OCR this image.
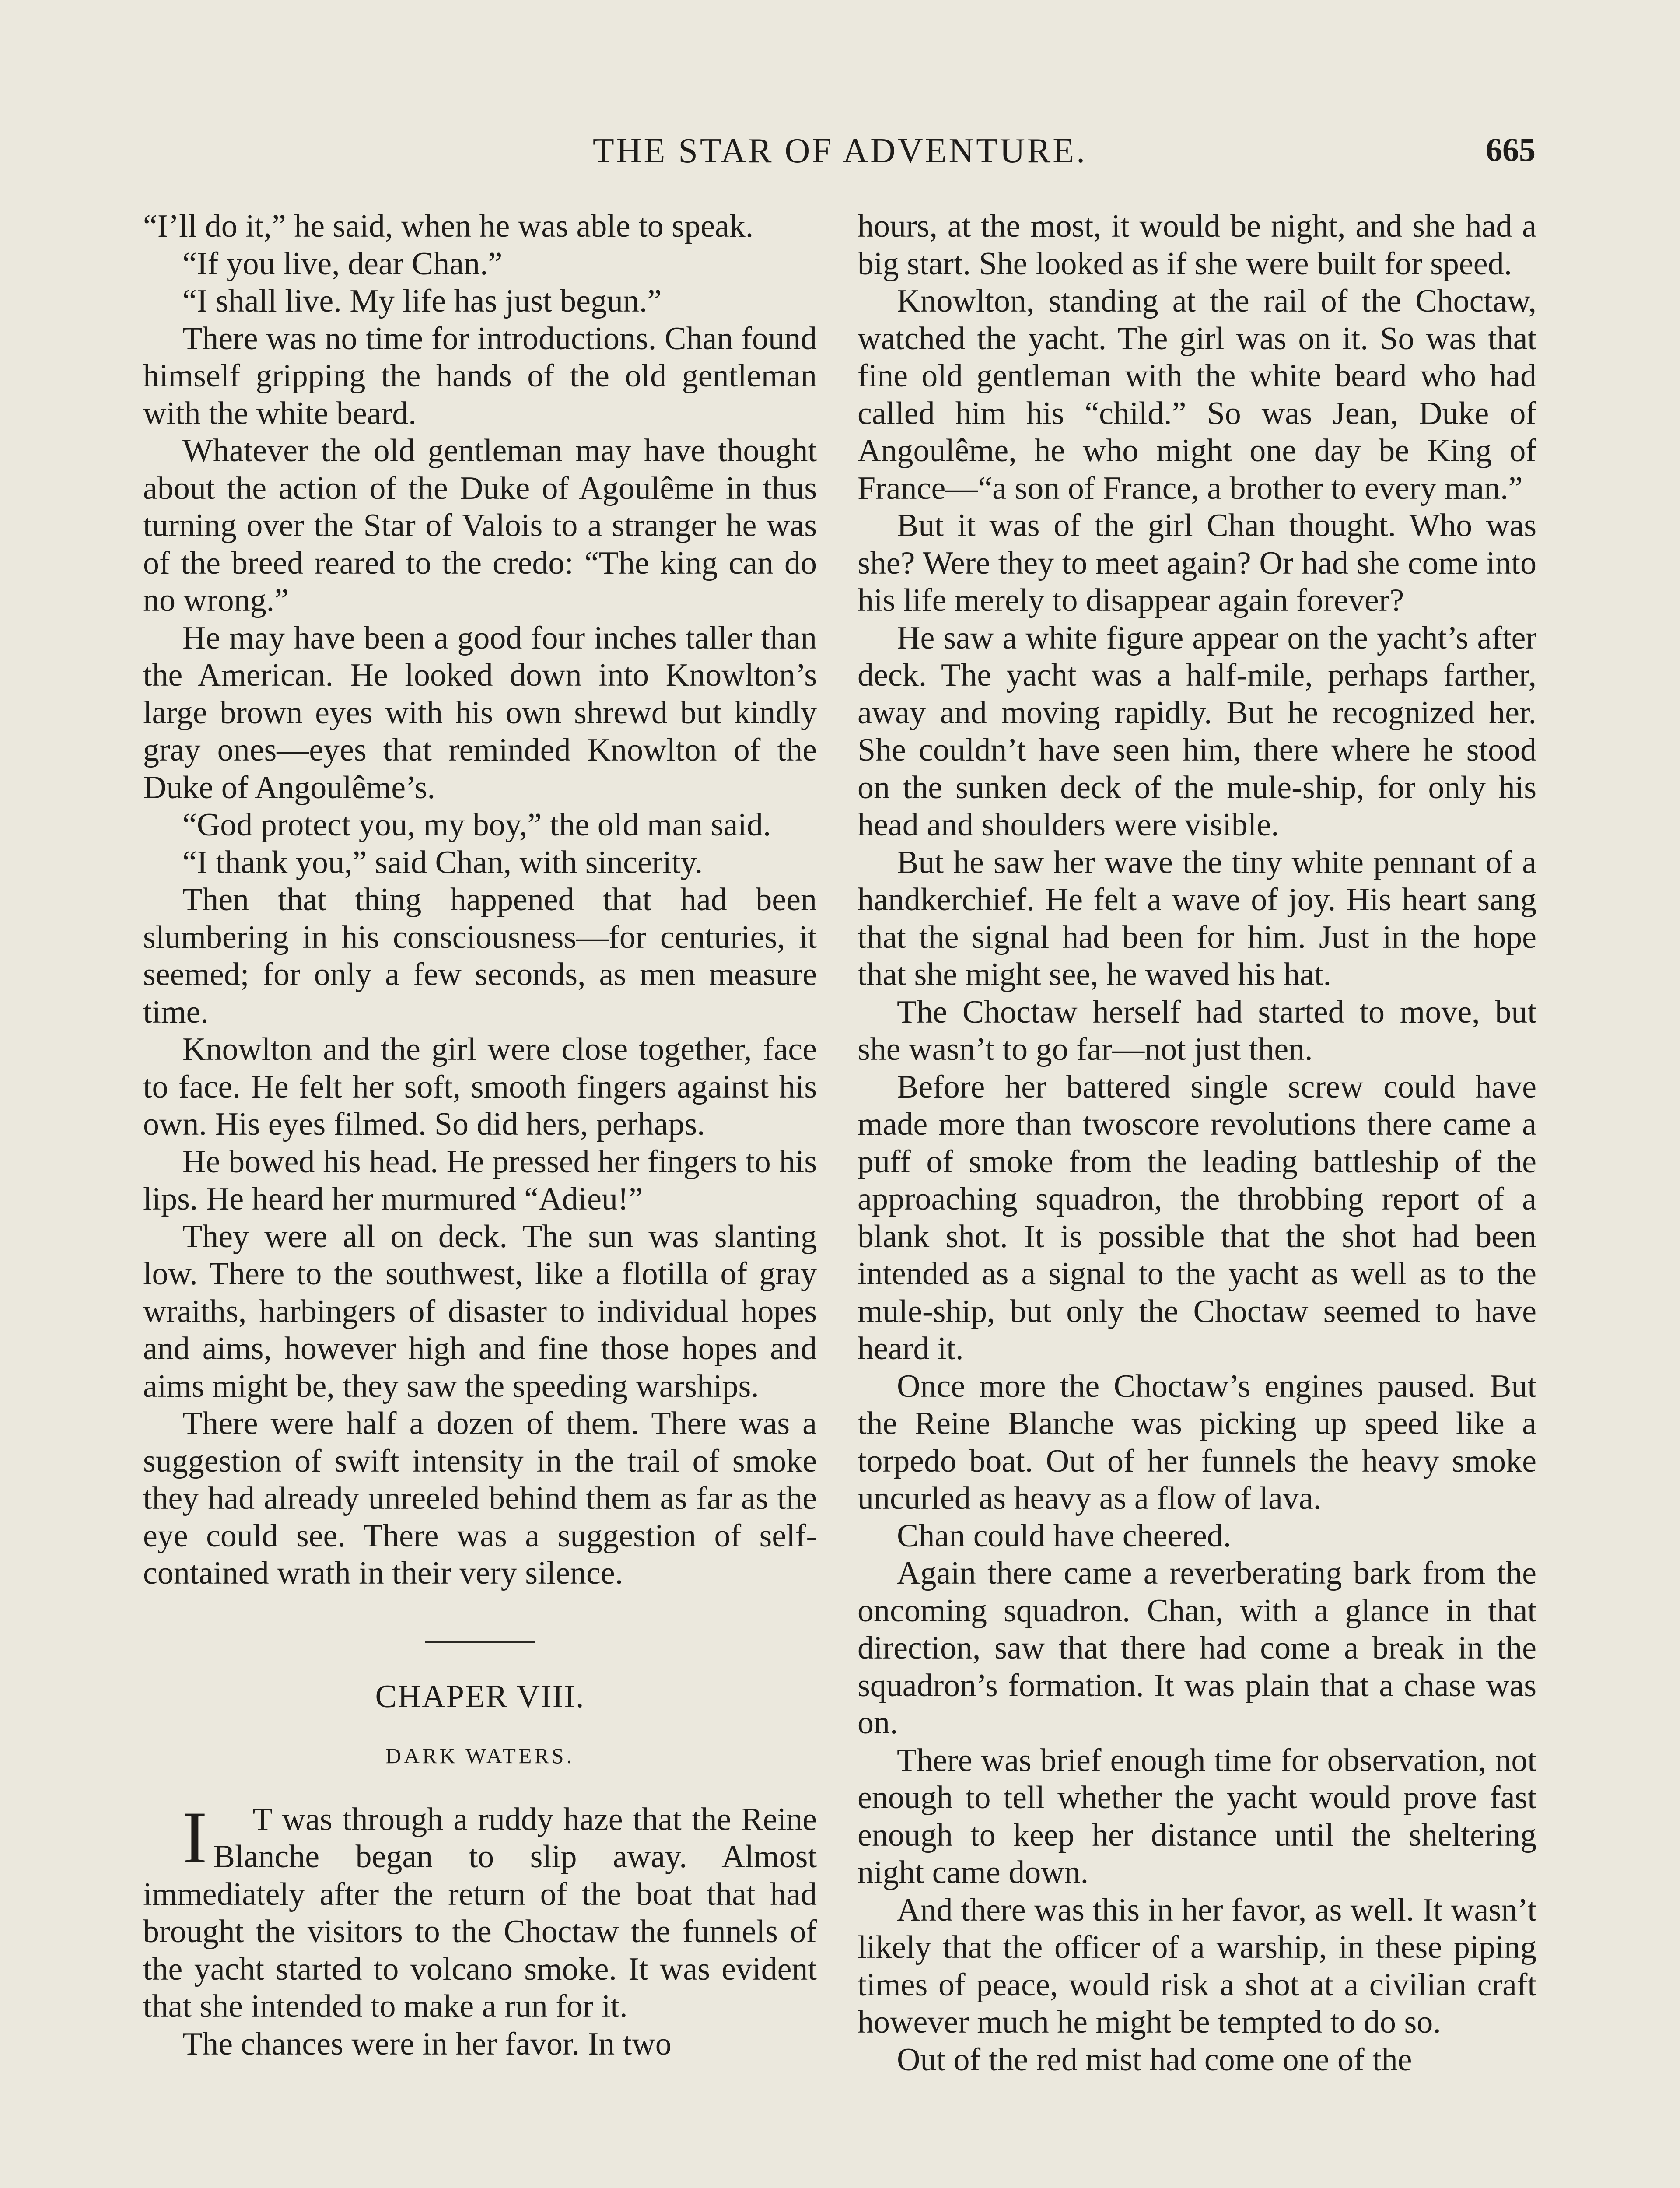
THE STAR OF ADVENTURE.	665

“I’ll do it,” he said, when he was able to speak.

“If you live, dear Chan.”

“I shall live. My life has just begun.”

There was no time for introductions. Chan found himself gripping the hands of the old gentleman with the white beard.

Whatever the old gentleman may have thought about the action of the Duke of Agoulême in thus turning over the Star of Valois to a stranger he was of the breed reared to the credo: “The king can do no wrong.”

He may have been a good four inches taller than the American. He looked down into Knowlton’s large brown eyes with his own shrewd but kindly gray ones—eyes that reminded Knowlton of the Duke of Angoulême’s.

“God protect you, my boy,” the old man said.

“I thank you,” said Chan, with sincerity.

Then that thing happened that had been slumbering in his consciousness—for centuries, it seemed; for only a few seconds, as men measure time.

Knowlton and the girl were close together, face to face. He felt her soft, smooth fingers against his own. His eyes filmed. So did hers, perhaps.

He bowed his head. He pressed her fingers to his lips. He heard her murmured “Adieu!”

They were all on deck. The sun was slanting low. There to the southwest, like a flotilla of gray wraiths, harbingers of disaster to individual hopes and aims, however high and fine those hopes and aims might be, they saw the speeding warships.

There were half a dozen of them. There was a suggestion of swift intensity in the trail of smoke they had already unreeled behind them as far as the eye could see. There was a suggestion of self-contained wrath in their very silence.

CHAPER VIII.
DARK WATERS.

I T was through a ruddy haze that the Reine Blanche began to slip away. Almost immediately after the return of the boat that had brought the visitors to the Choctaw the funnels of the yacht started to volcano smoke. It was evident that she intended to make a run for it.

The chances were in her favor. In two

hours, at the most, it would be night, and she had a big start. She looked as if she were built for speed.

Knowlton, standing at the rail of the Choctaw, watched the yacht. The girl was on it. So was that fine old gentleman with the white beard who had called him his “child.” So was Jean, Duke of Angoulême, he who might one day be King of France—“a son of France, a brother to every man.”

But it was of the girl Chan thought. Who was she? Were they to meet again? Or had she come into his life merely to disappear again forever?

He saw a white figure appear on the yacht’s after deck. The yacht was a half-mile, perhaps farther, away and moving rapidly. But he recognized her. She couldn’t have seen him, there where he stood on the sunken deck of the mule-ship, for only his head and shoulders were visible.

But he saw her wave the tiny white pennant of a handkerchief. He felt a wave of joy. His heart sang that the signal had been for him. Just in the hope that she might see, he waved his hat.

The Choctaw herself had started to move, but she wasn’t to go far—not just then.

Before her battered single screw could have made more than twoscore revolutions there came a puff of smoke from the leading battleship of the approaching squadron, the throbbing report of a blank shot. It is possible that the shot had been intended as a signal to the yacht as well as to the mule-ship, but only the Choctaw seemed to have heard it.

Once more the Choctaw’s engines paused. But the Reine Blanche was picking up speed like a torpedo boat. Out of her funnels the heavy smoke uncurled as heavy as a flow of lava.

Chan could have cheered.

Again there came a reverberating bark from the oncoming squadron. Chan, with a glance in that direction, saw that there had come a break in the squadron’s formation. It was plain that a chase was on.

There was brief enough time for observation, not enough to tell whether the yacht would prove fast enough to keep her distance until the sheltering night came down.

And there was this in her favor, as well. It wasn’t likely that the officer of a warship, in these piping times of peace, would risk a shot at a civilian craft however much he might be tempted to do so.

Out of the red mist had come one of the
